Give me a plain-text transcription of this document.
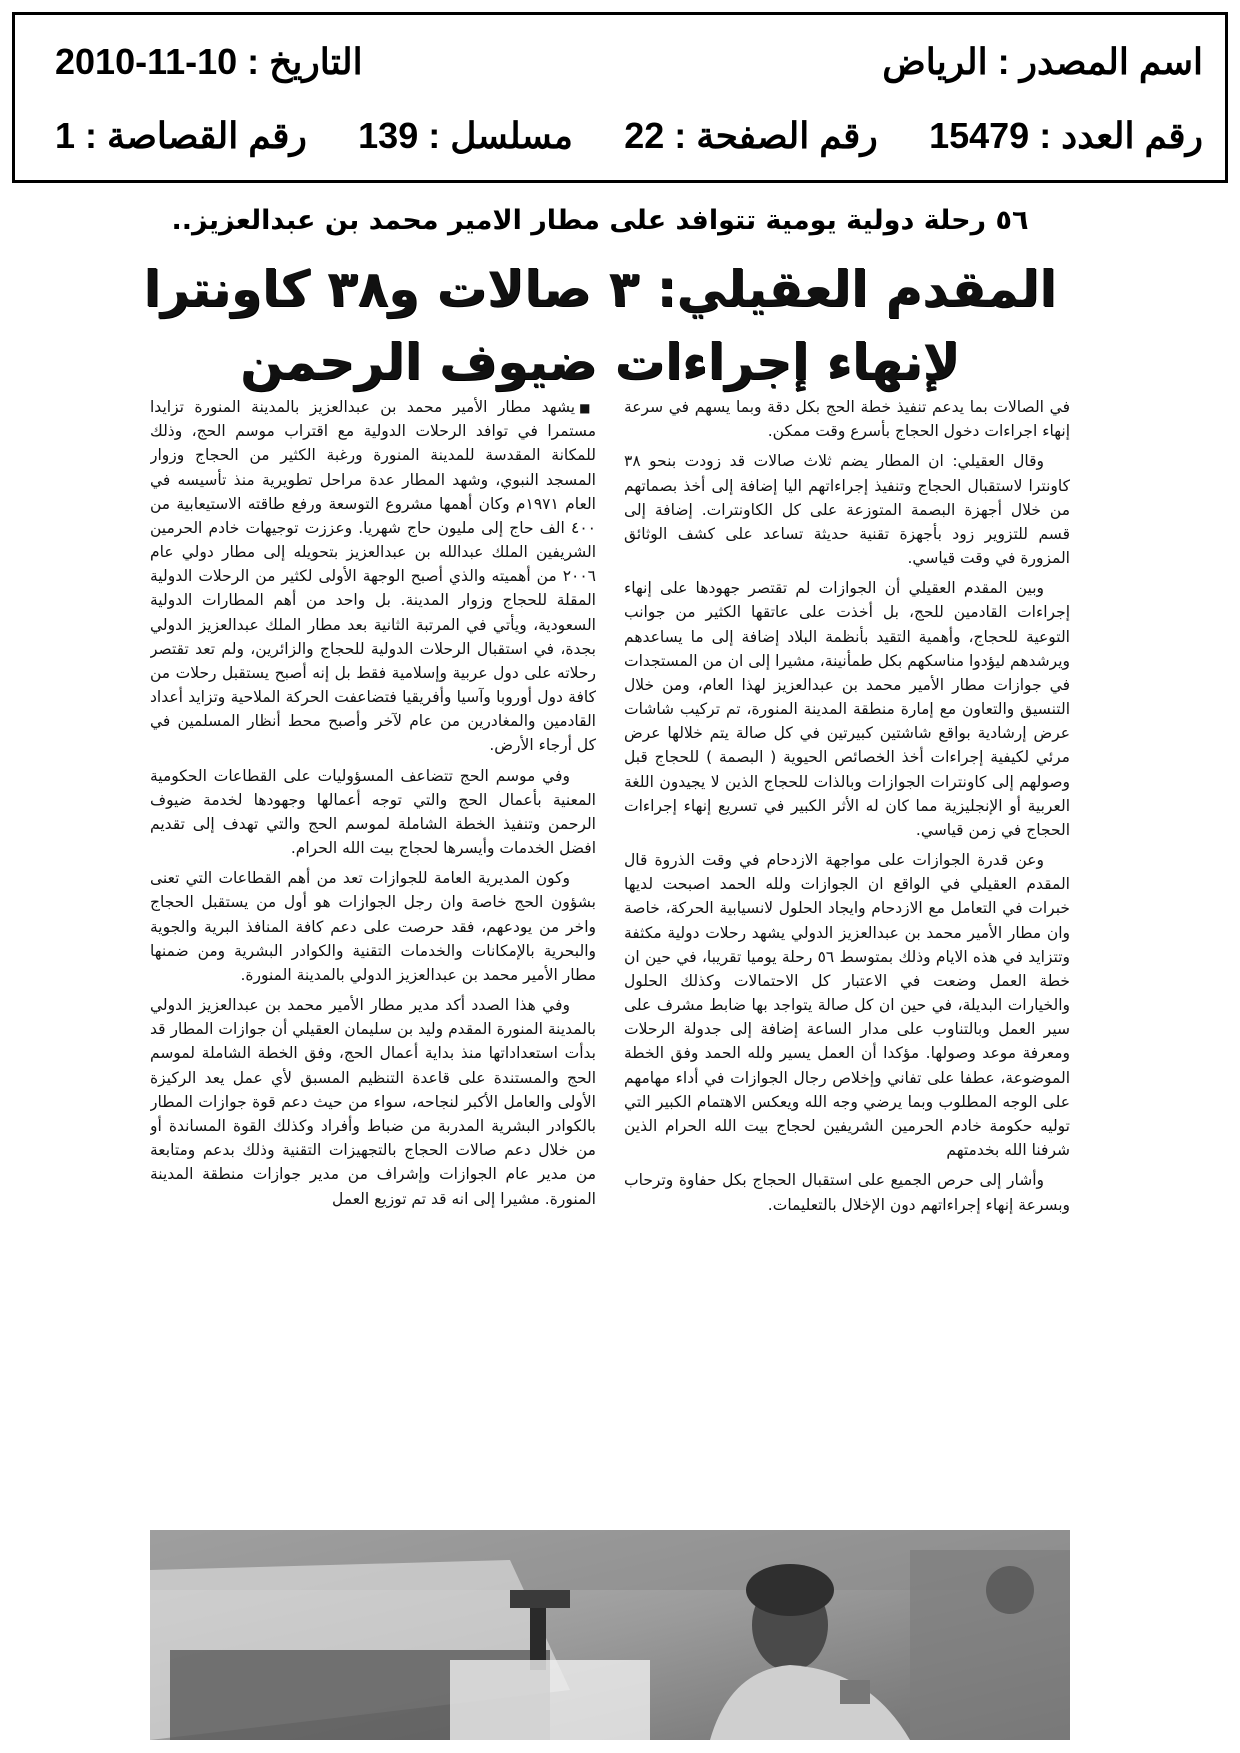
اسم المصدر :
الرياض
التاريخ :
2010-11-10
رقم العدد :
15479
رقم الصفحة :
22
مسلسل :
139
رقم القصاصة :
1
٥٦ رحلة دولية يومية تتوافد على مطار الامير محمد بن عبدالعزيز..
المقدم العقيلي: ٣ صالات و٣٨ كاونترا
لإنهاء إجراءات ضيوف الرحمن

■يشهد مطار الأمير محمد بن عبدالعزيز بالمدينة المنورة تزايدا مستمرا في توافد الرحلات الدولية مع اقتراب موسم الحج، وذلك للمكانة المقدسة للمدينة المنورة ورغبة الكثير من الحجاج وزوار المسجد النبوي، وشهد المطار عدة مراحل تطويرية منذ تأسيسه في العام ١٩٧١م وكان أهمها مشروع التوسعة ورفع طاقته الاستيعابية من ٤٠٠ الف حاج إلى مليون حاج شهريا. وعززت توجيهات خادم الحرمين الشريفين الملك عبدالله بن عبدالعزيز بتحويله إلى مطار دولي عام ٢٠٠٦ من أهميته والذي أصبح الوجهة الأولى لكثير من الرحلات الدولية المقلة للحجاج وزوار المدينة. بل واحد من أهم المطارات الدولية السعودية، ويأتي في المرتبة الثانية بعد مطار الملك عبدالعزيز الدولي بجدة، في استقبال الرحلات الدولية للحجاج والزائرين، ولم تعد تقتصر رحلاته على دول عربية وإسلامية فقط بل إنه أصبح يستقبل رحلات من كافة دول أوروبا وآسيا وأفريقيا فتضاعفت الحركة الملاحية وتزايد أعداد القادمين والمغادرين من عام لآخر وأصبح محط أنظار المسلمين في كل أرجاء الأرض.

وفي موسم الحج تتضاعف المسؤوليات على القطاعات الحكومية المعنية بأعمال الحج والتي توجه أعمالها وجهودها لخدمة ضيوف الرحمن وتنفيذ الخطة الشاملة لموسم الحج والتي تهدف إلى تقديم افضل الخدمات وأيسرها لحجاج بيت الله الحرام.

وكون المديرية العامة للجوازات تعد من أهم القطاعات التي تعنى بشؤون الحج خاصة وان رجل الجوازات هو أول من يستقبل الحجاج واخر من يودعهم، فقد حرصت على دعم كافة المنافذ البرية والجوية والبحرية بالإمكانات والخدمات التقنية والكوادر البشرية ومن ضمنها مطار الأمير محمد بن عبدالعزيز الدولي بالمدينة المنورة.

وفي هذا الصدد أكد مدير مطار الأمير محمد بن عبدالعزيز الدولي بالمدينة المنورة المقدم وليد بن سليمان العقيلي أن جوازات المطار قد بدأت استعداداتها منذ بداية أعمال الحج، وفق الخطة الشاملة لموسم الحج والمستندة على قاعدة التنظيم المسبق لأي عمل يعد الركيزة الأولى والعامل الأكبر لنجاحه، سواء من حيث دعم قوة جوازات المطار بالكوادر البشرية المدربة من ضباط وأفراد وكذلك القوة المساندة أو من خلال دعم صالات الحجاج بالتجهيزات التقنية وذلك بدعم ومتابعة من مدير عام الجوازات وإشراف من مدير جوازات منطقة المدينة المنورة. مشيرا إلى انه قد تم توزيع العمل

في الصالات بما يدعم تنفيذ خطة الحج بكل دقة وبما يسهم في سرعة إنهاء اجراءات دخول الحجاج بأسرع وقت ممكن.

وقال العقيلي: ان المطار يضم ثلاث صالات قد زودت بنحو ٣٨ كاونترا لاستقبال الحجاج وتنفيذ إجراءاتهم اليا إضافة إلى أخذ بصماتهم من خلال أجهزة البصمة المتوزعة على كل الكاونترات. إضافة إلى قسم للتزوير زود بأجهزة تقنية حديثة تساعد على كشف الوثائق المزورة في وقت قياسي.

وبين المقدم العقيلي أن الجوازات لم تقتصر جهودها على إنهاء إجراءات القادمين للحج، بل أخذت على عاتقها الكثير من جوانب التوعية للحجاج، وأهمية التقيد بأنظمة البلاد إضافة إلى ما يساعدهم ويرشدهم ليؤدوا مناسكهم بكل طمأنينة، مشيرا إلى ان من المستجدات في جوازات مطار الأمير محمد بن عبدالعزيز لهذا العام، ومن خلال التنسيق والتعاون مع إمارة منطقة المدينة المنورة، تم تركيب شاشات عرض إرشادية بواقع شاشتين كبيرتين في كل صالة يتم خلالها عرض مرئي لكيفية إجراءات أخذ الخصائص الحيوية ( البصمة ) للحجاج قبل وصولهم إلى كاونترات الجوازات وبالذات للحجاج الذين لا يجيدون اللغة العربية أو الإنجليزية مما كان له الأثر الكبير في تسريع إنهاء إجراءات الحجاج في زمن قياسي.

وعن قدرة الجوازات على مواجهة الازدحام في وقت الذروة قال المقدم العقيلي في الواقع ان الجوازات ولله الحمد اصبحت لديها خبرات في التعامل مع الازدحام وايجاد الحلول لانسيابية الحركة، خاصة وان مطار الأمير محمد بن عبدالعزيز الدولي يشهد رحلات دولية مكثفة وتتزايد في هذه الايام وذلك بمتوسط ٥٦ رحلة يوميا تقريبا، في حين ان خطة العمل وضعت في الاعتبار كل الاحتمالات وكذلك الحلول والخيارات البديلة، في حين ان كل صالة يتواجد بها ضابط مشرف على سير العمل وبالتناوب على مدار الساعة إضافة إلى جدولة الرحلات ومعرفة موعد وصولها. مؤكدا أن العمل يسير ولله الحمد وفق الخطة الموضوعة، عطفا على تفاني وإخلاص رجال الجوازات في أداء مهامهم على الوجه المطلوب وبما يرضي وجه الله ويعكس الاهتمام الكبير التي توليه حكومة خادم الحرمين الشريفين لحجاج بيت الله الحرام الذين شرفنا الله بخدمتهم

وأشار إلى حرص الجميع على استقبال الحجاج بكل حفاوة وترحاب وبسرعة إنهاء إجراءاتهم دون الإخلال بالتعليمات.
